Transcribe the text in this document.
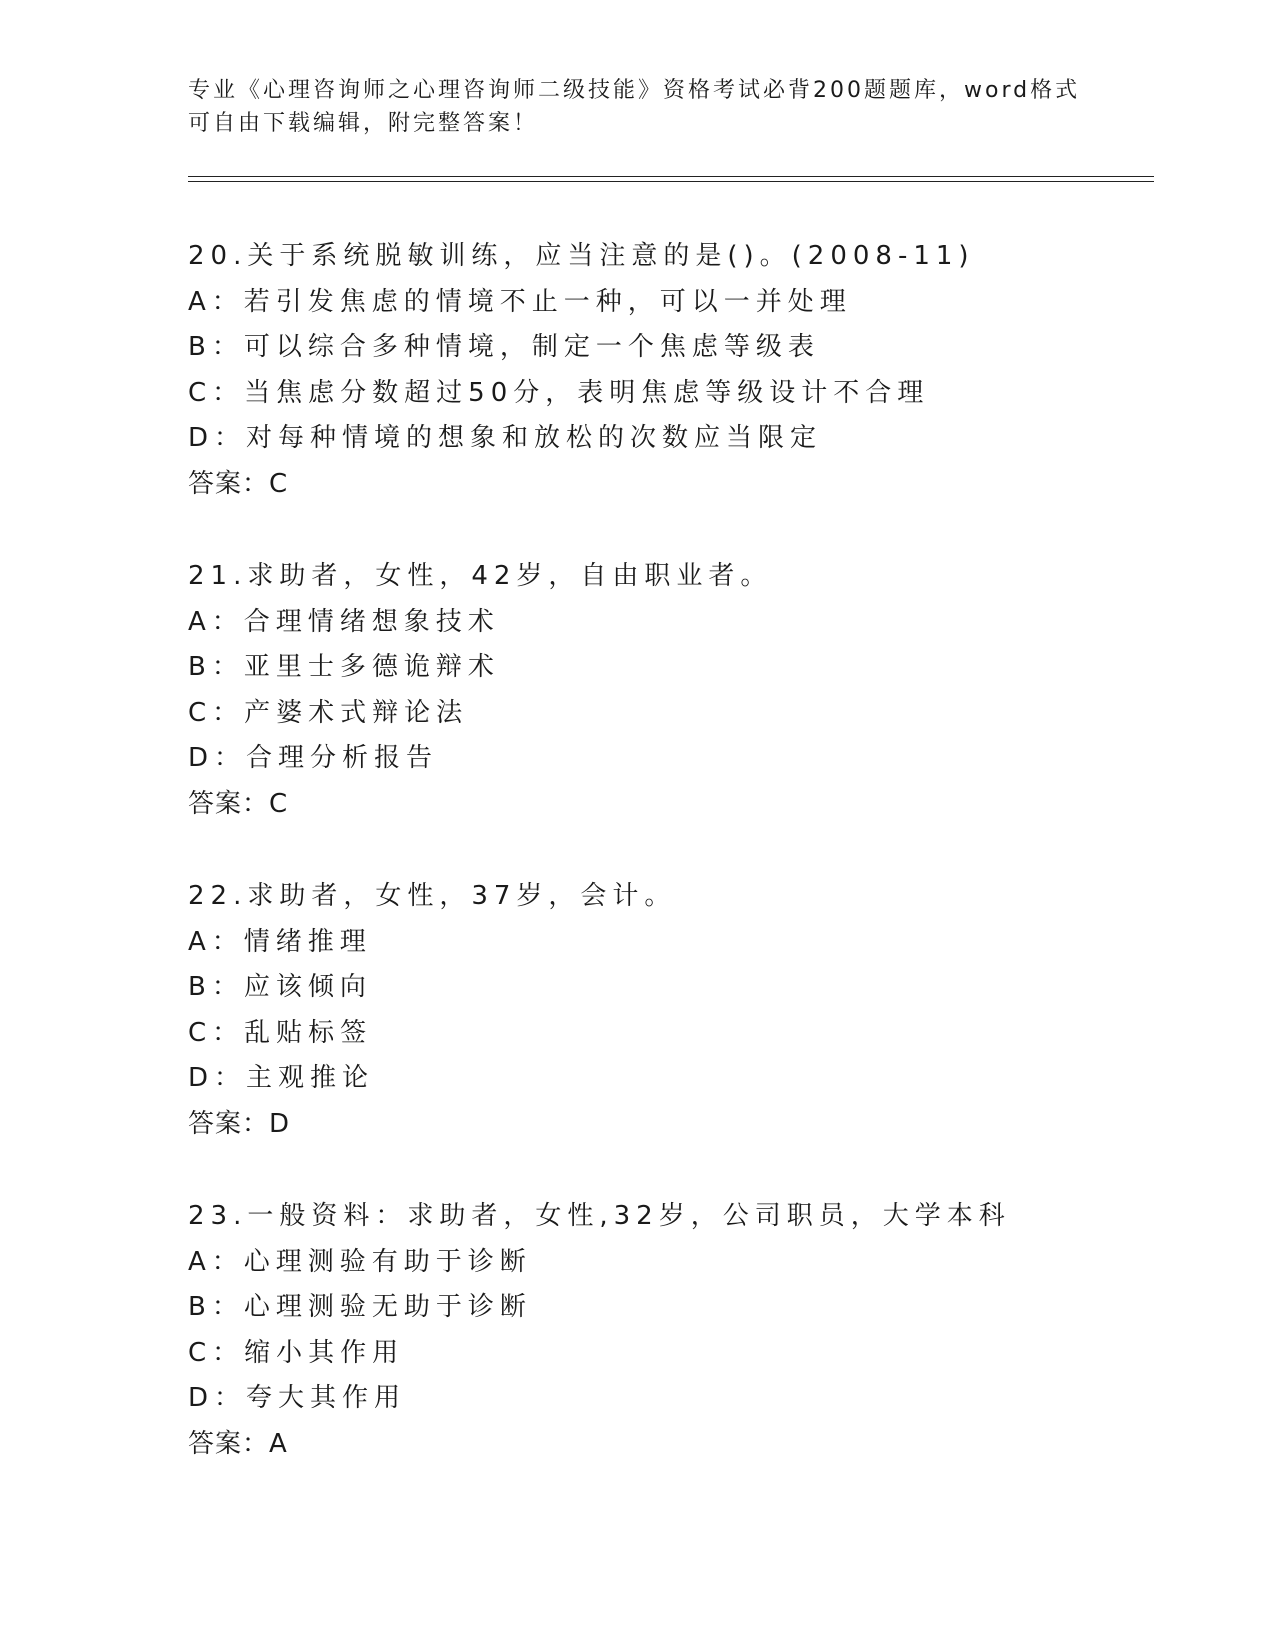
专业《心理咨询师之心理咨询师二级技能》资格考试必背200题题库，word格式
可自由下载编辑，附完整答案！
20.关于系统脱敏训练，应当注意的是()。(2008-11)
A：若引发焦虑的情境不止一种，可以一并处理
B：可以综合多种情境，制定一个焦虑等级表
C：当焦虑分数超过50分，表明焦虑等级设计不合理
D：对每种情境的想象和放松的次数应当限定
答案：C
21.求助者，女性，42岁，自由职业者。
A：合理情绪想象技术
B：亚里士多德诡辩术
C：产婆术式辩论法
D：合理分析报告
答案：C
22.求助者，女性，37岁，会计。
A：情绪推理
B：应该倾向
C：乱贴标签
D：主观推论
答案：D
23.一般资料：求助者，女性,32岁，公司职员，大学本科
A：心理测验有助于诊断
B：心理测验无助于诊断
C：缩小其作用
D：夸大其作用
答案：A
